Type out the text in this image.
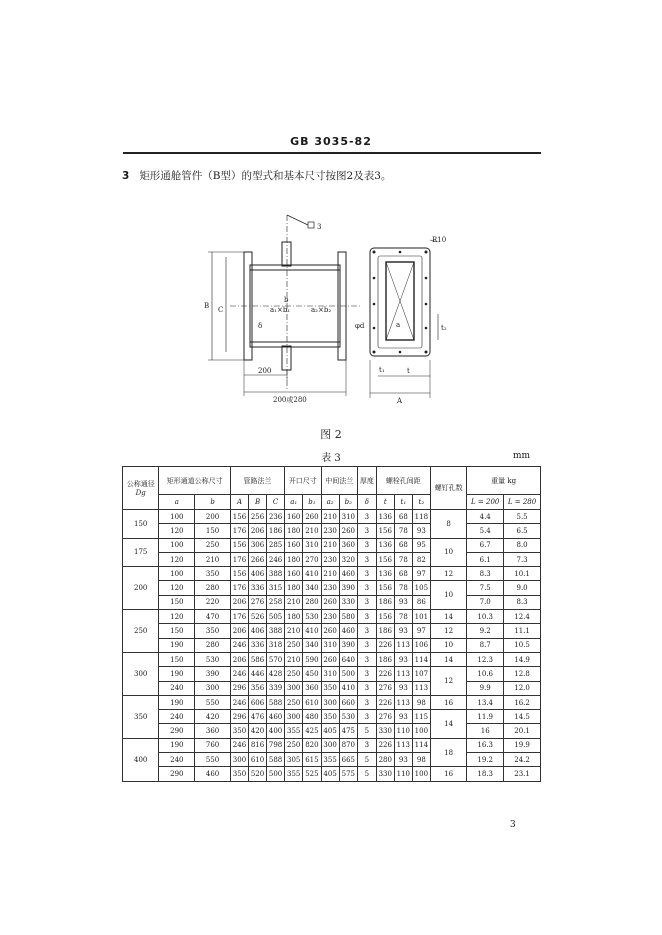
GB 3035-82
3 矩形通舱管件（B型）的型式和基本尺寸按图2及表3。
B C	a₁×b₁	a₂×b₂
b
δ
3
200
200或280
R10
a
φd
t₁	t
t₂
A
图 2
表 3	mm
公称通径
Dg	矩形通道公称尺寸		管路法兰			开口尺寸		中间法兰		厚度	螺栓孔间距			螺钉孔数	重量 kg	
	a	b	A	B	C	a₁	b₁	a₂	b₂	δ	t	t₁	t₂		L = 200	L = 280
150	100	200	156	256	236	160	260	210	310	3	136	68	118	8	4.4	5.5
	120	150	176	206	186	180	210	230	260	3	156	78	93		5.4	6.5
175	100	250	156	306	285	160	310	210	360	3	136	68	95	10	6.7	8.0
	120	210	176	266	246	180	270	230	320	3	156	78	82		6.1	7.3
200	100	350	156	406	388	160	410	210	460	3	136	68	97	12	8.3	10.1
	120	280	176	336	315	180	340	230	390	3	156	78	105	10	7.5	9.0
	150	220	206	276	258	210	280	260	330	3	186	93	86		7.0	8.3
250	120	470	176	526	505	180	530	230	580	3	156	78	101	14	10.3	12.4
	150	350	206	406	388	210	410	260	460	3	186	93	97	12	9.2	11.1
	190	280	246	336	318	250	340	310	390	3	226	113	106	10	8.7	10.5
300	150	530	206	586	570	210	590	260	640	3	186	93	114	14	12.3	14.9
	190	390	246	446	428	250	450	310	500	3	226	113	107	12	10.6	12.8
	240	300	296	356	339	300	360	350	410	3	276	93	113		9.9	12.0
350	190	550	246	606	588	250	610	300	660	3	226	113	98	16	13.4	16.2
	240	420	296	476	460	300	480	350	530	3	276	93	115	14	11.9	14.5
	290	360	350	420	400	355	425	405	475	5	330	110	100		16	20.1
400	190	760	246	816	798	250	820	300	870	3	226	113	114	18	16.3	19.9
	240	550	300	610	588	305	615	355	665	5	280	93	98		19.2	24.2
	290	460	350	520	500	355	525	405	575	5	330	110	100	16	18.3	23.1
3
